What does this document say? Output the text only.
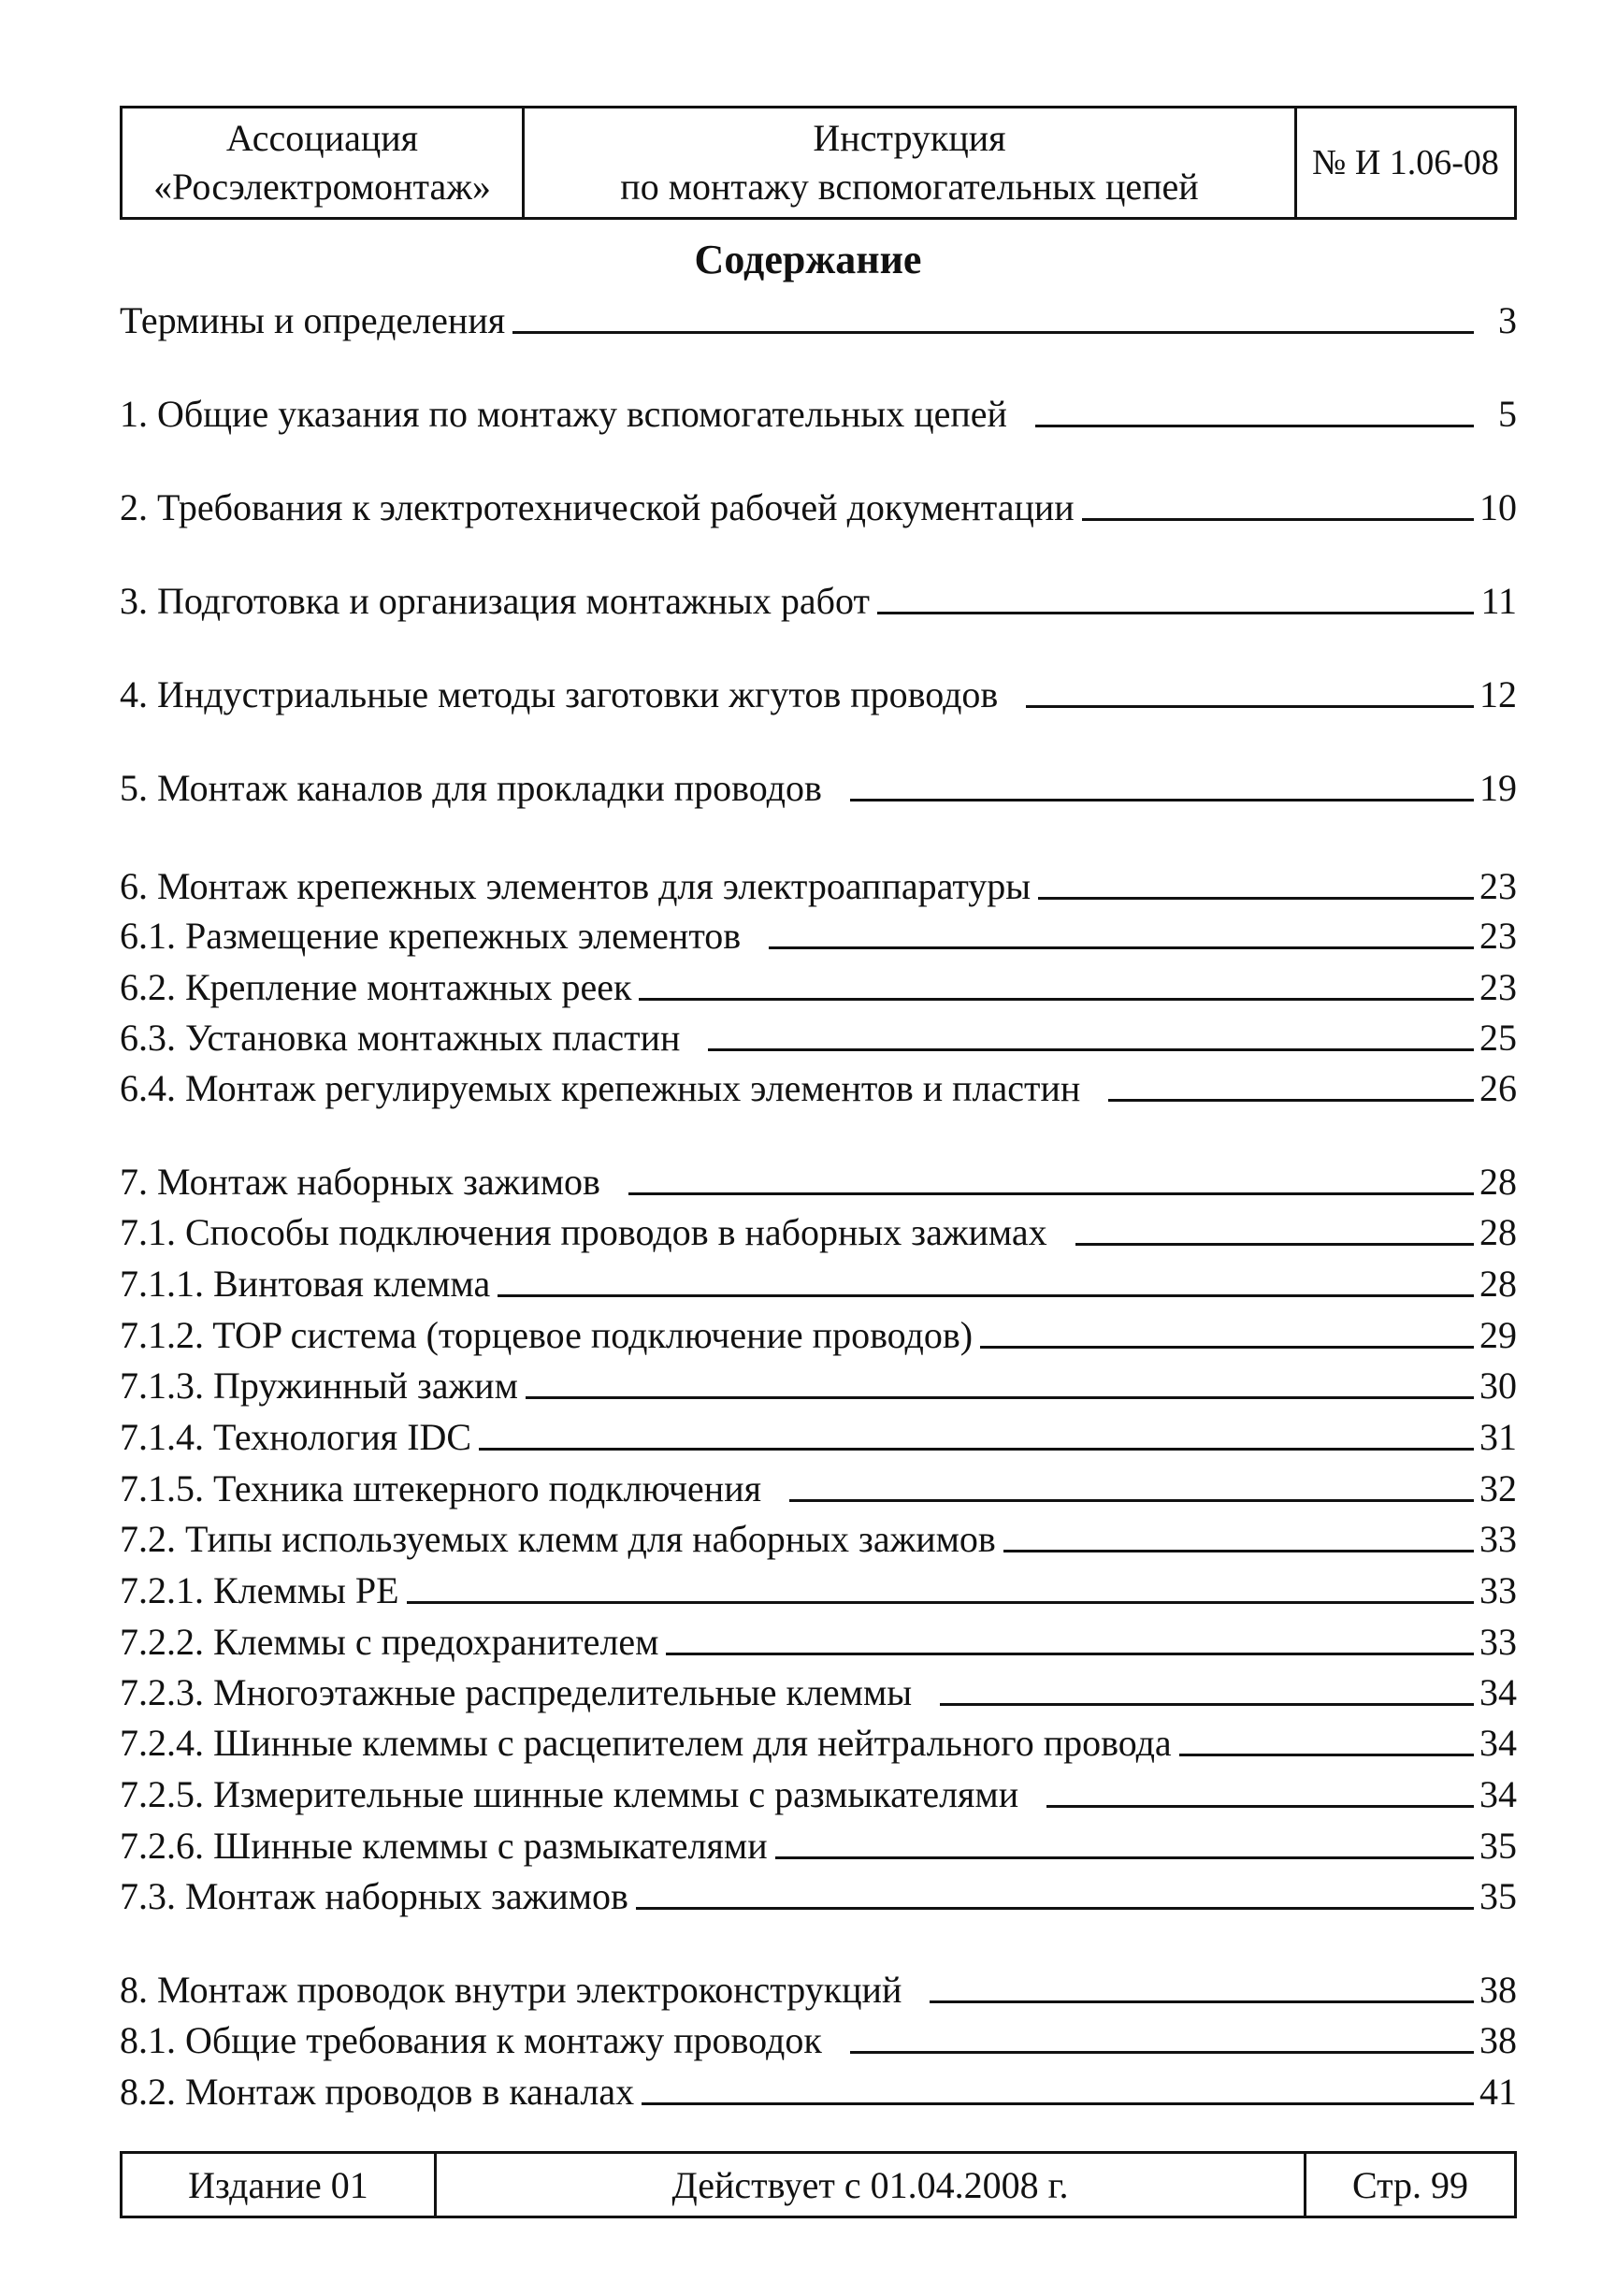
Ассоциация
«Росэлектромонтаж»
Инструкция
по монтажу вспомогательных цепей
№ И 1.06-08
Содержание
Термины и определения	3
1. Общие указания по монтажу вспомогательных цепей	5
2. Требования к электротехнической рабочей документации	10
3. Подготовка и организация монтажных работ	11
4. Индустриальные методы заготовки жгутов проводов	12
5. Монтаж каналов для прокладки проводов	19
6. Монтаж крепежных элементов для электроаппаратуры	23
6.1. Размещение крепежных элементов	23
6.2. Крепление монтажных реек	23
6.3. Установка монтажных пластин	25
6.4. Монтаж регулируемых крепежных элементов и пластин	26
7. Монтаж наборных зажимов	28
7.1. Способы подключения проводов в наборных зажимах	28
7.1.1. Винтовая клемма	28
7.1.2. TOP система (торцевое подключение проводов)	29
7.1.3. Пружинный зажим	30
7.1.4. Технология IDC	31
7.1.5. Техника штекерного подключения	32
7.2. Типы используемых клемм для наборных зажимов	33
7.2.1. Клеммы PE	33
7.2.2. Клеммы с предохранителем	33
7.2.3. Многоэтажные распределительные клеммы	34
7.2.4. Шинные клеммы с расцепителем для нейтрального провода	34
7.2.5. Измерительные шинные клеммы с размыкателями	34
7.2.6. Шинные клеммы с размыкателями	35
7.3. Монтаж наборных зажимов	35
8. Монтаж проводок внутри электроконструкций	38
8.1. Общие требования к монтажу проводок	38
8.2. Монтаж проводов в каналах	41
Издание 01	Действует с 01.04.2008 г.	Стр. 99
